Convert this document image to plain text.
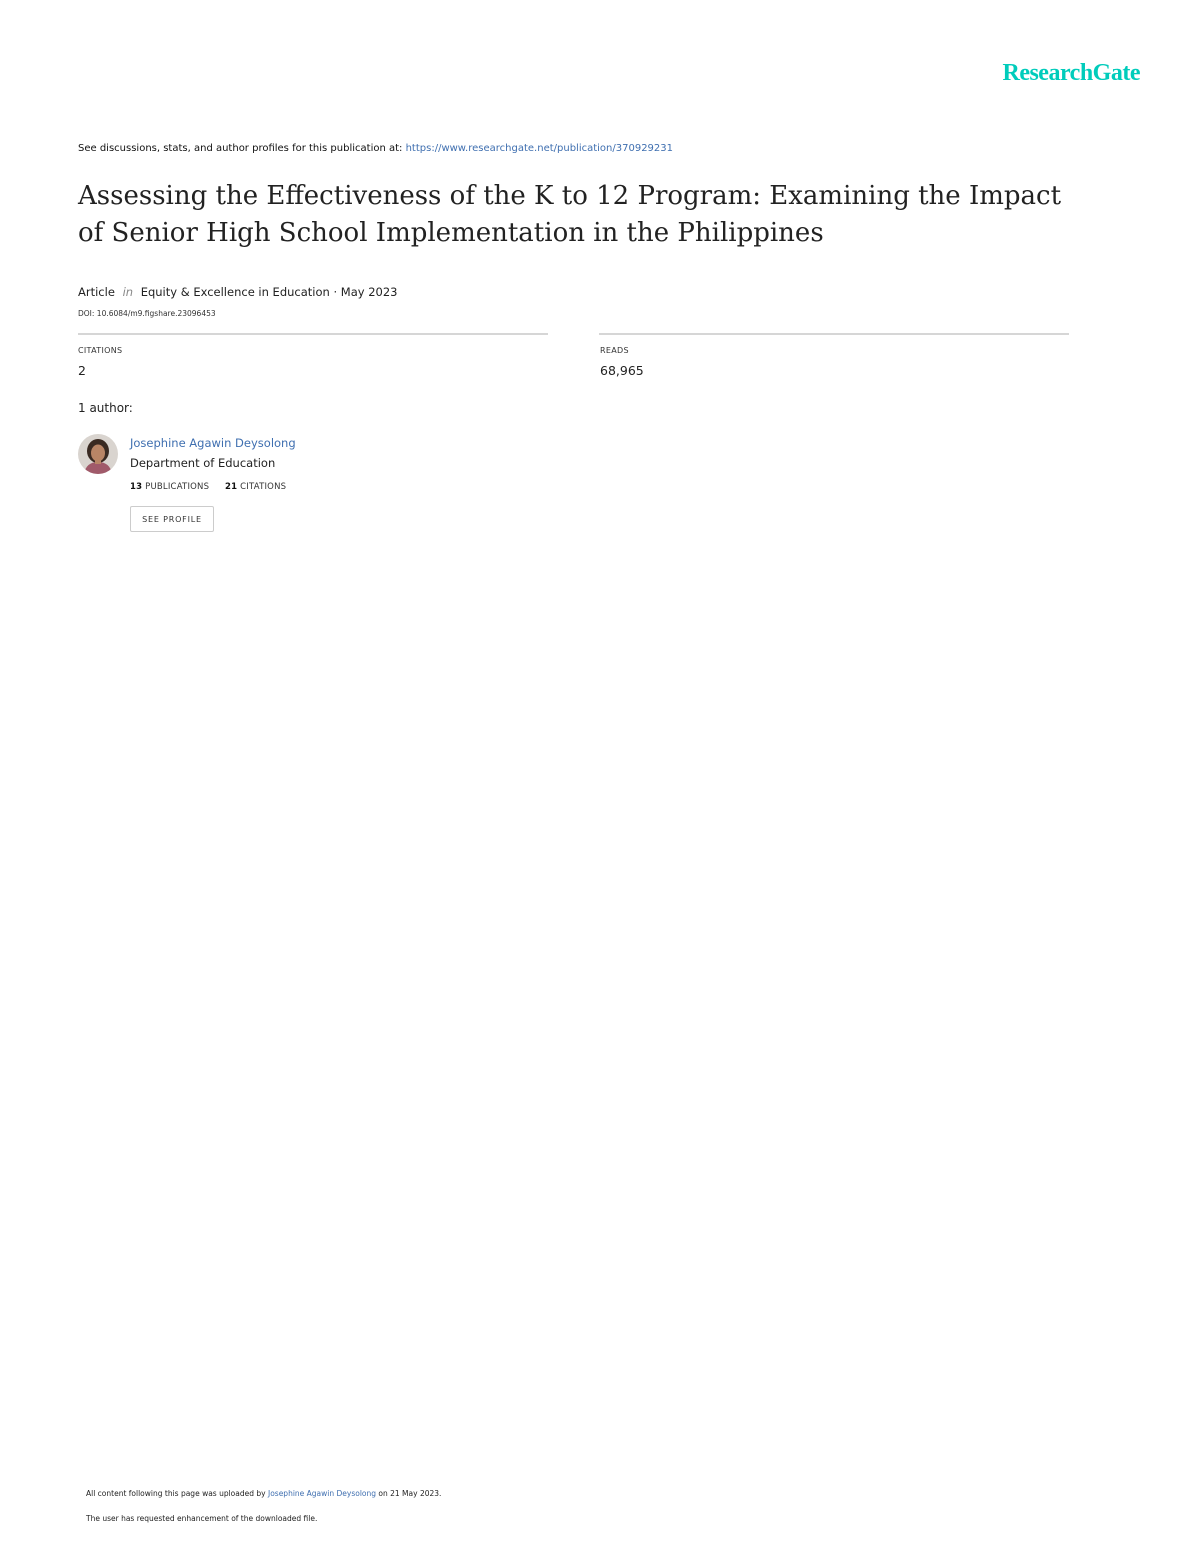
ResearchGate
See discussions, stats, and author profiles for this publication at: https://www.researchgate.net/publication/370929231
Assessing the Effectiveness of the K to 12 Program: Examining the Impact of Senior High School Implementation in the Philippines
Article in Equity & Excellence in Education · May 2023
DOI: 10.6084/m9.figshare.23096453
CITATIONS
2
READS
68,965
1 author:
Josephine Agawin Deysolong
Department of Education
13 PUBLICATIONS 21 CITATIONS
SEE PROFILE
All content following this page was uploaded by Josephine Agawin Deysolong on 21 May 2023.
The user has requested enhancement of the downloaded file.
